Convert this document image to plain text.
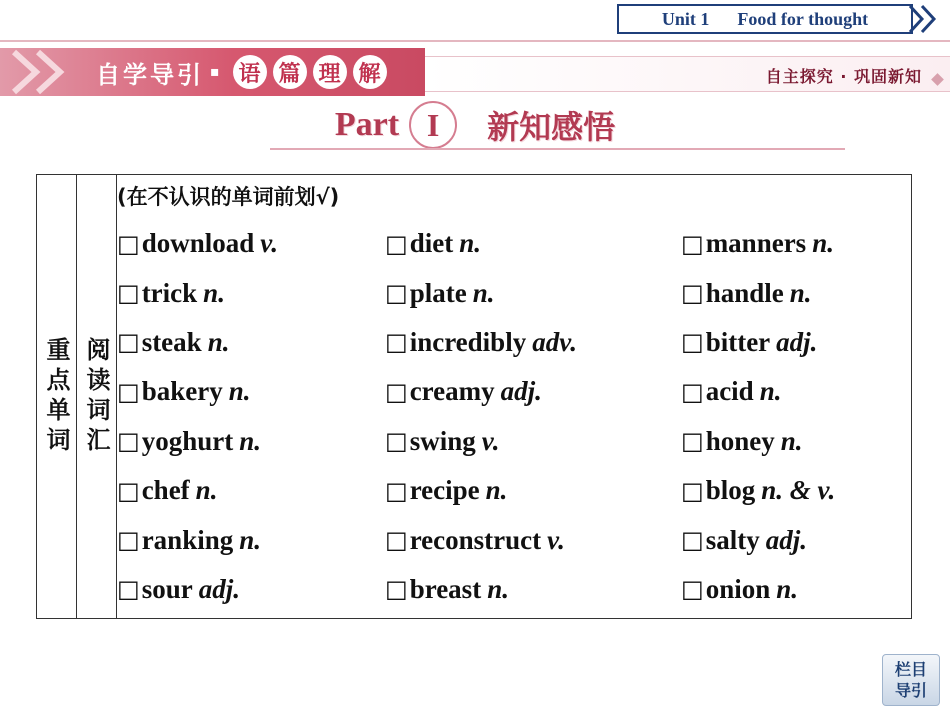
Unit 1 Food for thought
自学导引 ▪ 语 篇 理 解	自主探究 · 巩固新知
Part I	新知感悟
重点单词	阅读词汇

(在不认识的单词前划√)
□ download v.	□ diet n.	□ manners n.
□ trick n.	□ plate n.	□ handle n.
□ steak n.	□ incredibly adv.	□ bitter adj.
□ bakery n.	□ creamy adj.	□ acid n.
□ yoghurt n.	□ swing v.	□ honey n.
□ chef n.	□ recipe n.	□ blog n. & v.
□ ranking n.	□ reconstruct v.	□ salty adj.
□ sour adj.	□ breast n.	□ onion n.
栏目
导引
